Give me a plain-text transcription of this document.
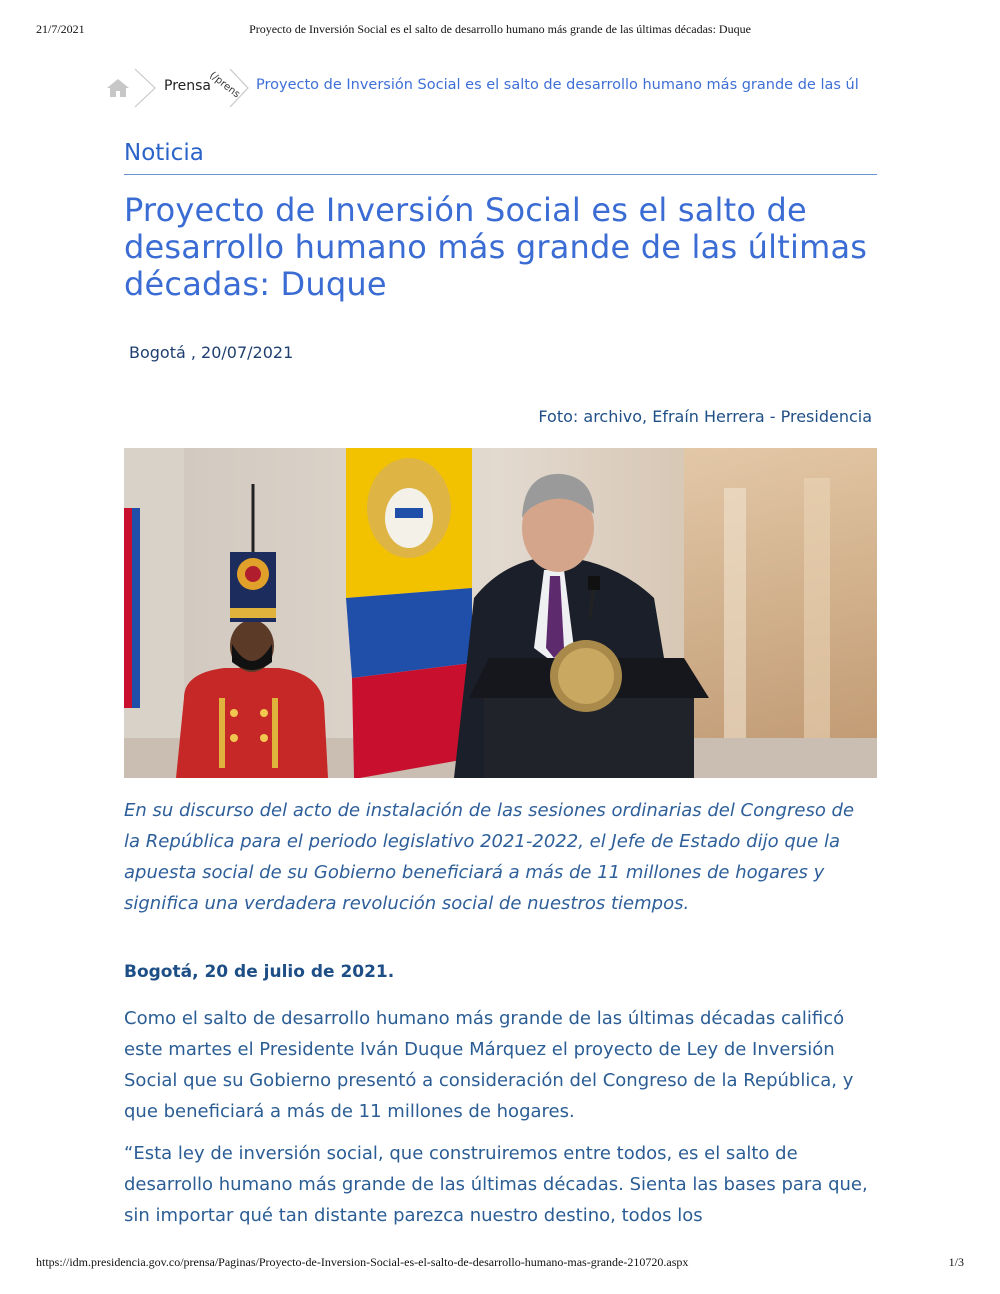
21/7/2021	Proyecto de Inversión Social es el salto de desarrollo humano más grande de las últimas décadas: Duque
Prensa
(/prens Proyecto de Inversión Social es el salto de desarrollo humano más grande de las úl
Noticia
Proyecto de Inversión Social es el salto de desarrollo humano más grande de las últimas décadas: Duque
Bogotá , 20/07/2021
Foto: archivo, Efraín Herrera - Presidencia

En su discurso del acto de instalación de las sesiones ordinarias del Congreso de la República para el periodo legislativo 2021-2022, el Jefe de Estado dijo que la apuesta social de su Gobierno beneficiará a más de 11 millones de hogares y significa una verdadera revolución social de nuestros tiempos.

Bogotá, 20 de julio de 2021.

Como el salto de desarrollo humano más grande de las últimas décadas calificó este martes el Presidente Iván Duque Márquez el proyecto de Ley de Inversión Social que su Gobierno presentó a consideración del Congreso de la República, y que beneficiará a más de 11 millones de hogares.

“Esta ley de inversión social, que construiremos entre todos, es el salto de desarrollo humano más grande de las últimas décadas. Sienta las bases para que, sin importar qué tan distante parezca nuestro destino, todos los

https://idm.presidencia.gov.co/prensa/Paginas/Proyecto-de-Inversion-Social-es-el-salto-de-desarrollo-humano-mas-grande-210720.aspx	1/3
